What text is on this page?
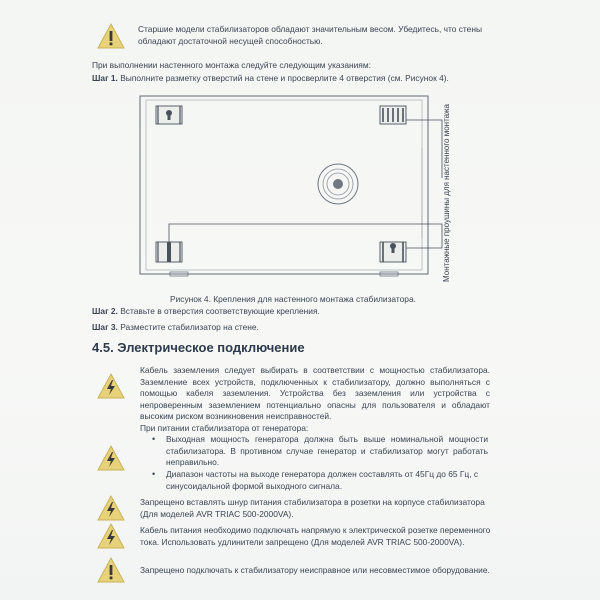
Старшие модели стабилизаторов обладают значительным весом. Убедитесь, что стены обладают достаточной несущей способностью.
При выполнении настенного монтажа следуйте следующим указаниям:
Шаг 1. Выполните разметку отверстий на стене и просверлите 4 отверстия (см. Рисунок 4).
Монтажные проушины для настенного монтажа
Рисунок 4. Крепления для настенного монтажа стабилизатора.
Шаг 2. Вставьте в отверстия соответствующие крепления.
Шаг 3. Разместите стабилизатор на стене.
4.5. Электрическое подключение
Кабель заземления следует выбирать в соответствии с мощностью стабилизатора. Заземление всех устройств, подключенных к стабилизатору, должно выполняться с помощью кабеля заземления. Устройства без заземления или устройства с непроверенным заземлением потенциально опасны для пользователя и обладают высоким риском возникновения неисправностей.
При питании стабилизатора от генератора:
• Выходная мощность генератора должна быть выше номинальной мощности стабилизатора. В противном случае генератор и стабилизатор могут работать неправильно.
• Диапазон частоты на выходе генератора должен составлять от 45Гц до 65 Гц, с синусоидальной формой выходного сигнала.
Запрещено вставлять шнур питания стабилизатора в розетки на корпусе стабилизатора (Для моделей AVR TRIAC 500-2000VA).
Кабель питания необходимо подключать напрямую к электрической розетке переменного тока. Использовать удлинители запрещено (Для моделей AVR TRIAC 500-2000VA).
Запрещено подключать к стабилизатору неисправное или несовместимое оборудование.
